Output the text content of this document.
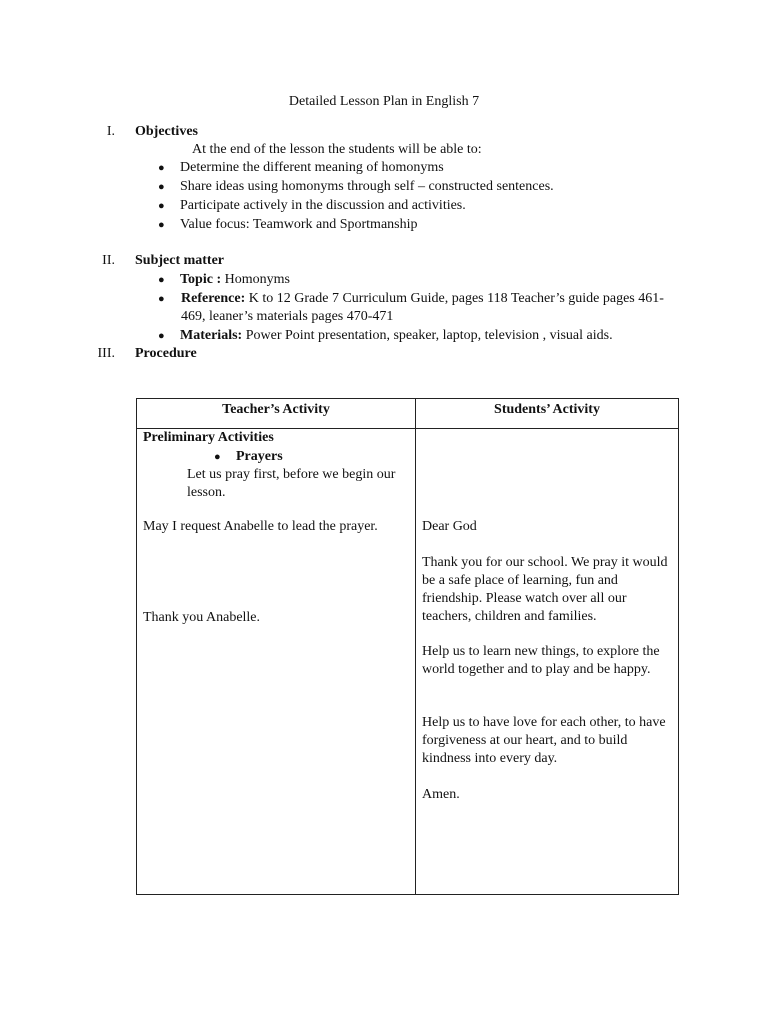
Detailed Lesson Plan in English 7
I. Objectives
At the end of the lesson the students will be able to:
● Determine the different meaning of homonyms
● Share ideas using homonyms through self – constructed sentences.
● Participate actively in the discussion and activities.
● Value focus: Teamwork and Sportmanship
II. Subject matter
● Topic : Homonyms
●	Reference: K to 12 Grade 7 Curriculum Guide, pages 118 Teacher’s guide pages 461-469, leaner’s materials pages 470-471
● Materials: Power Point presentation, speaker, laptop, television , visual aids.
III. Procedure
Teacher’s Activity	Students’ Activity
Preliminary Activities
● Prayers
Let us pray first, before we begin our lesson.
May I request Anabelle to lead the prayer.
Thank you Anabelle.
Dear God
Thank you for our school. We pray it would be a safe place of learning, fun and friendship. Please watch over all our teachers, children and families.
Help us to learn new things, to explore the world together and to play and be happy.
Help us to have love for each other, to have forgiveness at our heart, and to build kindness into every day.
Amen.
